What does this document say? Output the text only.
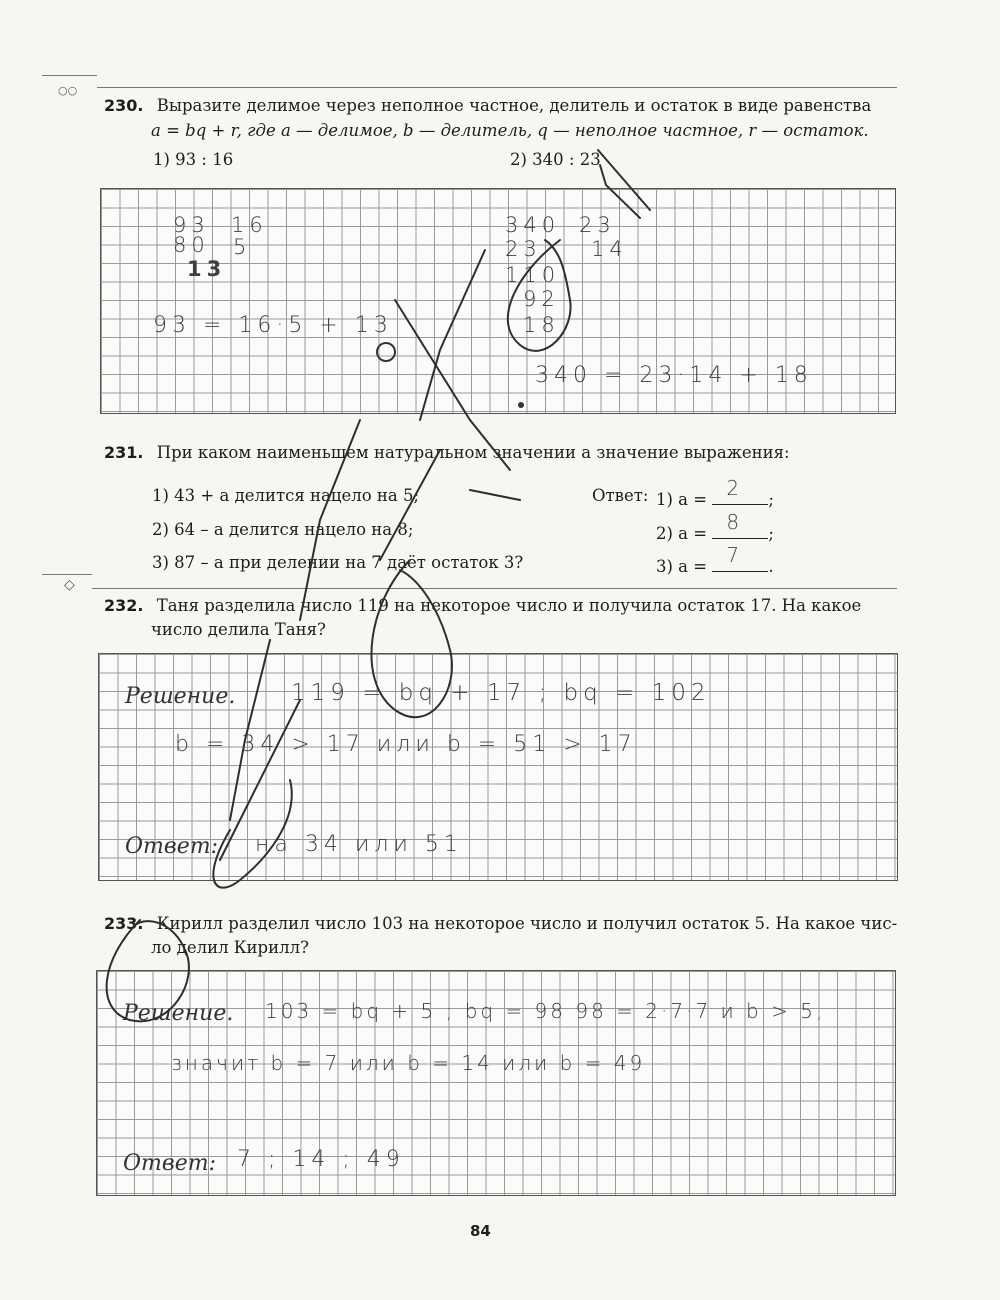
○○
◇
230. Выразите делимое через неполное частное, делитель и остаток в виде равенства
a = bq + r, где a — делимое, b — делитель, q — неполное частное, r — остаток.
1) 93 : 16	2) 340 : 23
93 16
80 5
13
93 = 16·5 + 13
340 23
23 14
110
92
18
340 = 23·14 + 18
231. При каком наименьшем натуральном значении a значение выражения:
1) 43 + a делится нацело на 5;
2) 64 – a делится нацело на 8;
3) 87 – a при делении на 7 даёт остаток 3?
Ответ: 1) a = 2 ;
2) a = 8 ;
3) a = 7 .
232. Таня разделила число 119 на некоторое число и получила остаток 17. На какое
число делила Таня?
Решение. 119 = bq + 17 ; bq = 102
b = 34 > 17 или b = 51 > 17
Ответ: на 34 или 51
233. Кирилл разделил число 103 на некоторое число и получил остаток 5. На какое чис-
ло делил Кирилл?
Решение. 103 = bq + 5 ; bq = 98 98 = 2·7·7 и b > 5,
значит b = 7 или b = 14 или b = 49
Ответ: 7 ; 14 ; 49
84
